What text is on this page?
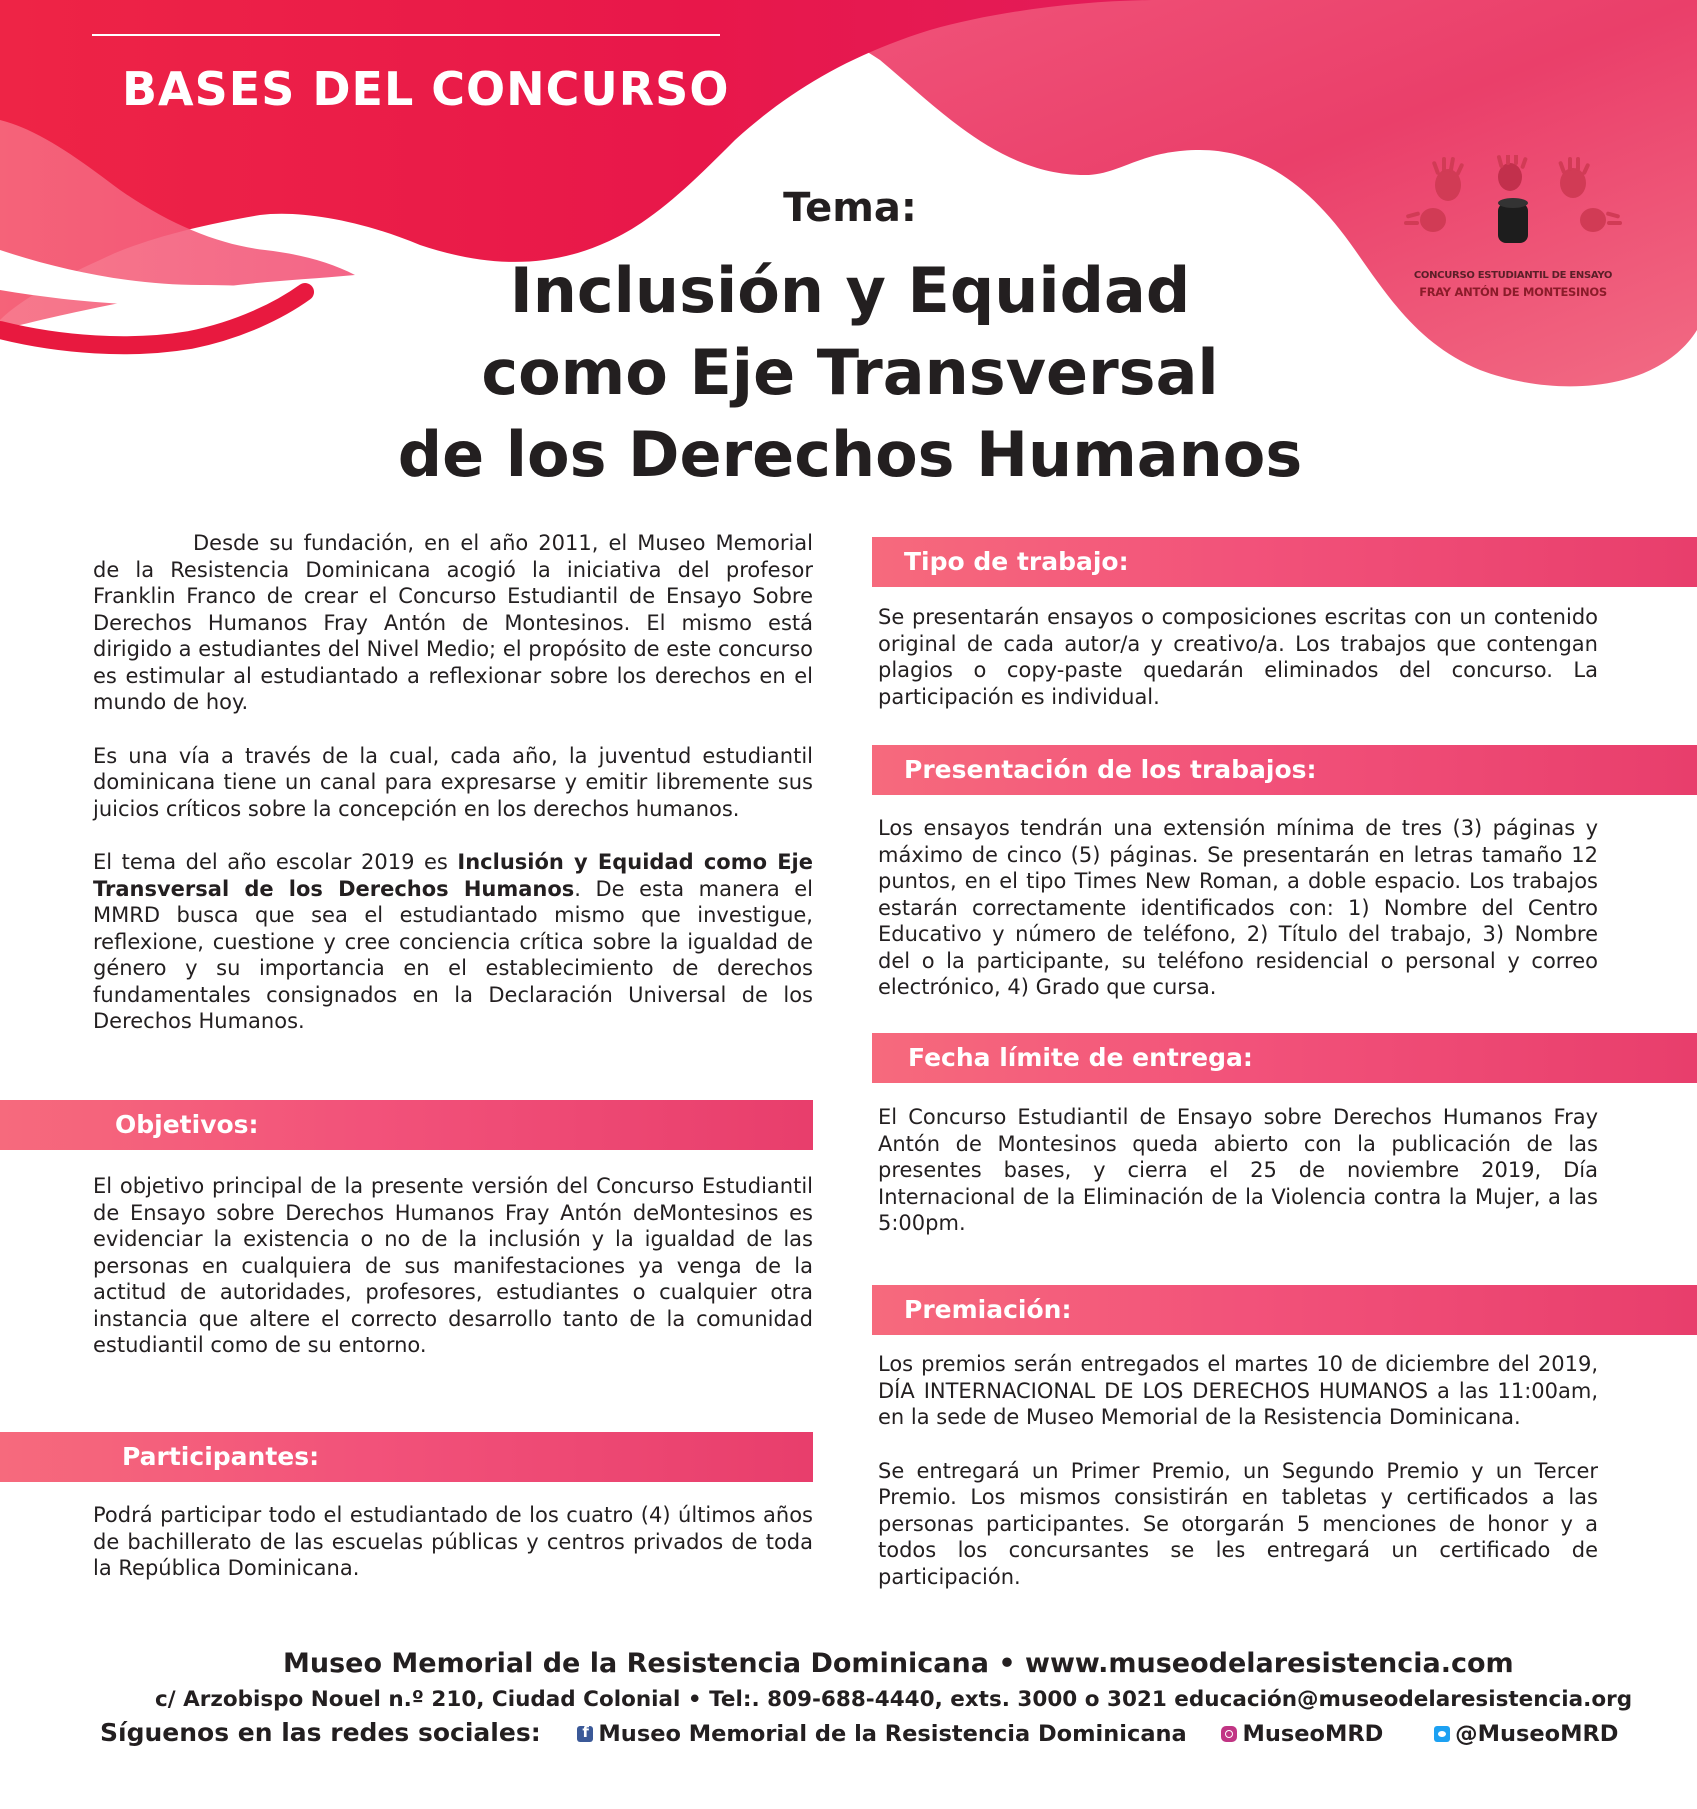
BASES DEL CONCURSO
Tema:
Inclusión y Equidad
como Eje Transversal
de los Derechos Humanos
CONCURSO ESTUDIANTIL DE ENSAYO
FRAY ANTÓN DE MONTESINOS

Desde su fundación, en el año 2011, el Museo Memorial de la Resistencia Dominicana acogió la iniciativa del profesor Franklin Franco de crear el Concurso Estudiantil de Ensayo Sobre Derechos Humanos Fray Antón de Montesinos. El mismo está dirigido a estudiantes del Nivel Medio; el propósito de este concurso es estimular al estudiantado a reflexionar sobre los derechos en el mundo de hoy.

Es una vía a través de la cual, cada año, la juventud estudiantil dominicana tiene un canal para expresarse y emitir libremente sus juicios críticos sobre la concepción en los derechos humanos.

El tema del año escolar 2019 es Inclusión y Equidad como Eje Transversal de los Derechos Humanos. De esta manera el MMRD busca que sea el estudiantado mismo que investigue, reflexione, cuestione y cree conciencia crítica sobre la igualdad de género y su importancia en el establecimiento de derechos fundamentales consignados en la Declaración Universal de los Derechos Humanos.

Objetivos:
El objetivo principal de la presente versión del Concurso Estudiantil de Ensayo sobre Derechos Humanos Fray Antón deMontesinos es evidenciar la existencia o no de la inclusión y la igualdad de las personas en cualquiera de sus manifestaciones ya venga de la actitud de autoridades, profesores, estudiantes o cualquier otra instancia que altere el correcto desarrollo tanto de la comunidad estudiantil como de su entorno.
Participantes:
Podrá participar todo el estudiantado de los cuatro (4) últimos años de bachillerato de las escuelas públicas y centros privados de toda la República Dominicana.
Tipo de trabajo:
Se presentarán ensayos o composiciones escritas con un contenido original de cada autor/a y creativo/a. Los trabajos que contengan plagios o copy-paste quedarán eliminados del concurso. La participación es individual.
Presentación de los trabajos:
Los ensayos tendrán una extensión mínima de tres (3) páginas y máximo de cinco (5) páginas. Se presentarán en letras tamaño 12 puntos, en el tipo Times New Roman, a doble espacio. Los trabajos estarán correctamente identificados con: 1) Nombre del Centro Educativo y número de teléfono, 2) Título del trabajo, 3) Nombre del o la participante, su teléfono residencial o personal y correo electrónico, 4) Grado que cursa.
Fecha límite de entrega:
El Concurso Estudiantil de Ensayo sobre Derechos Humanos Fray Antón de Montesinos queda abierto con la publicación de las presentes bases, y cierra el 25 de noviembre 2019, Día Internacional de la Eliminación de la Violencia contra la Mujer, a las 5:00pm.
Premiación:

Los premios serán entregados el martes 10 de diciembre del 2019, DÍA INTERNACIONAL DE LOS DERECHOS HUMANOS a las 11:00am, en la sede de Museo Memorial de la Resistencia Dominicana.

Se entregará un Primer Premio, un Segundo Premio y un Tercer Premio. Los mismos consistirán en tabletas y certificados a las personas participantes. Se otorgarán 5 menciones de honor y a todos los concursantes se les entregará un certificado de participación.

Museo Memorial de la Resistencia Dominicana • www.museodelaresistencia.com
c/ Arzobispo Nouel n.º 210, Ciudad Colonial • Tel:. 809-688-4440, exts. 3000 o 3021 educación@museodelaresistencia.org
Síguenos en las redes sociales: f	Museo Memorial de la Resistencia Dominicana MuseoMRD	@MuseoMRD
